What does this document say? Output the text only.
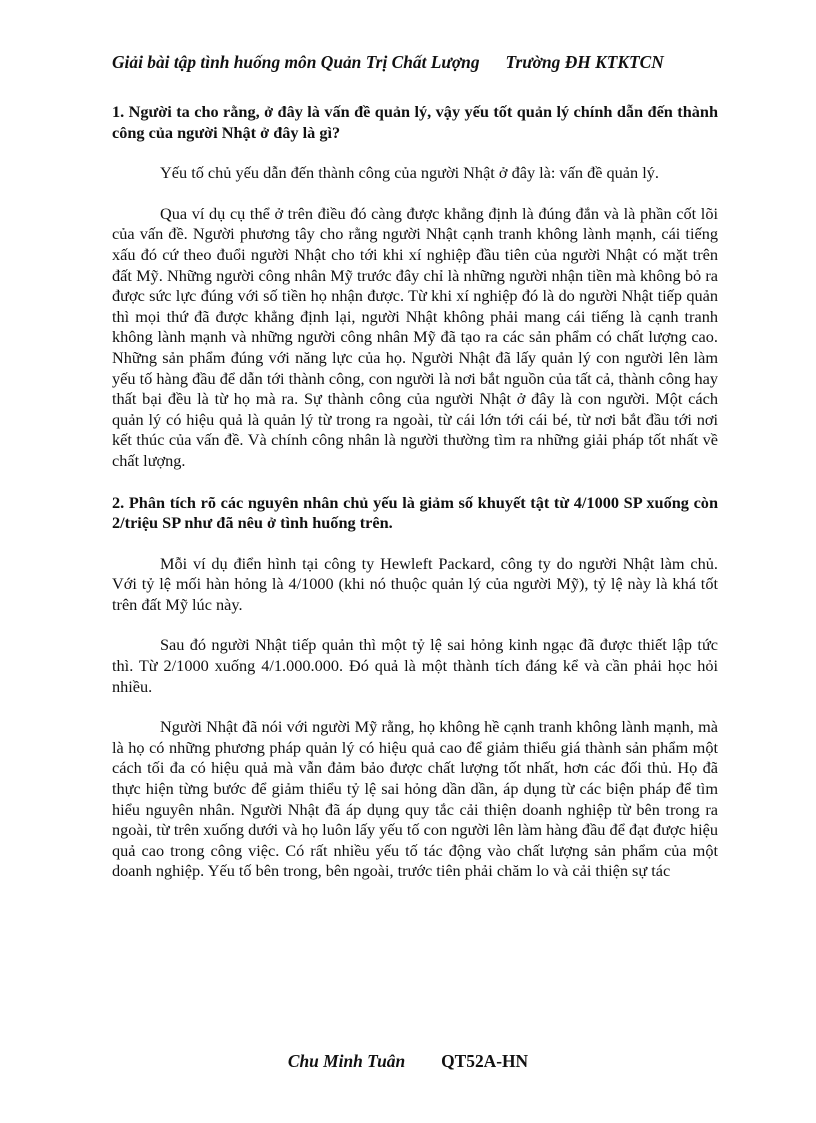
Giải bài tập tình huống môn Quản Trị Chất Lượng Trường ĐH KTKTCN
1. Người ta cho rằng, ở đây là vấn đề quản lý, vậy yếu tốt quản lý chính dẫn đến thành công của người Nhật ở đây là gì?

Yếu tố chủ yếu dẫn đến thành công của người Nhật ở đây là: vấn đề quản lý.

Qua ví dụ cụ thể ở trên điều đó càng được khẳng định là đúng đắn và là phần cốt lõi của vấn đề. Người phương tây cho rằng người Nhật cạnh tranh không lành mạnh, cái tiếng xấu đó cứ theo đuổi người Nhật cho tới khi xí nghiệp đầu tiên của người Nhật có mặt trên đất Mỹ. Những người công nhân Mỹ trước đây chỉ là những người nhận tiền mà không bỏ ra được sức lực đúng với số tiền họ nhận được. Từ khi xí nghiệp đó là do người Nhật tiếp quản thì mọi thứ đã được khẳng định lại, người Nhật không phải mang cái tiếng là cạnh tranh không lành mạnh và những người công nhân Mỹ đã tạo ra các sản phẩm có chất lượng cao. Những sản phẩm đúng với năng lực của họ. Người Nhật đã lấy quản lý con người lên làm yếu tố hàng đầu để dẫn tới thành công, con người là nơi bắt nguồn của tất cả, thành công hay thất bại đều là từ họ mà ra. Sự thành công của người Nhật ở đây là con người. Một cách quản lý có hiệu quả là quản lý từ trong ra ngoài, từ cái lớn tới cái bé, từ nơi bắt đầu tới nơi kết thúc của vấn đề. Và chính công nhân là người thường tìm ra những giải pháp tốt nhất về chất lượng.

2. Phân tích rõ các nguyên nhân chủ yếu là giảm số khuyết tật từ 4/1000 SP xuống còn 2/triệu SP như đã nêu ở tình huống trên.

Mỗi ví dụ điển hình tại công ty Hewleft Packard, công ty do người Nhật làm chủ. Với tỷ lệ mối hàn hỏng là 4/1000 (khi nó thuộc quản lý của người Mỹ), tỷ lệ này là khá tốt trên đất Mỹ lúc này.

Sau đó người Nhật tiếp quản thì một tỷ lệ sai hỏng kinh ngạc đã được thiết lập tức thì. Từ 2/1000 xuống 4/1.000.000. Đó quả là một thành tích đáng kể và cần phải học hỏi nhiều.

Người Nhật đã nói với người Mỹ rằng, họ không hề cạnh tranh không lành mạnh, mà là họ có những phương pháp quản lý có hiệu quả cao để giảm thiểu giá thành sản phẩm một cách tối đa có hiệu quả mà vẫn đảm bảo được chất lượng tốt nhất, hơn các đối thủ. Họ đã thực hiện từng bước để giảm thiểu tỷ lệ sai hỏng dần dần, áp dụng từ các biện pháp để tìm hiểu nguyên nhân. Người Nhật đã áp dụng quy tắc cải thiện doanh nghiệp từ bên trong ra ngoài, từ trên xuống dưới và họ luôn lấy yếu tố con người lên làm hàng đầu để đạt được hiệu quả cao trong công việc. Có rất nhiều yếu tố tác động vào chất lượng sản phẩm của một doanh nghiệp. Yếu tố bên trong, bên ngoài, trước tiên phải chăm lo và cải thiện sự tác

Chu Minh Tuân QT52A-HN
